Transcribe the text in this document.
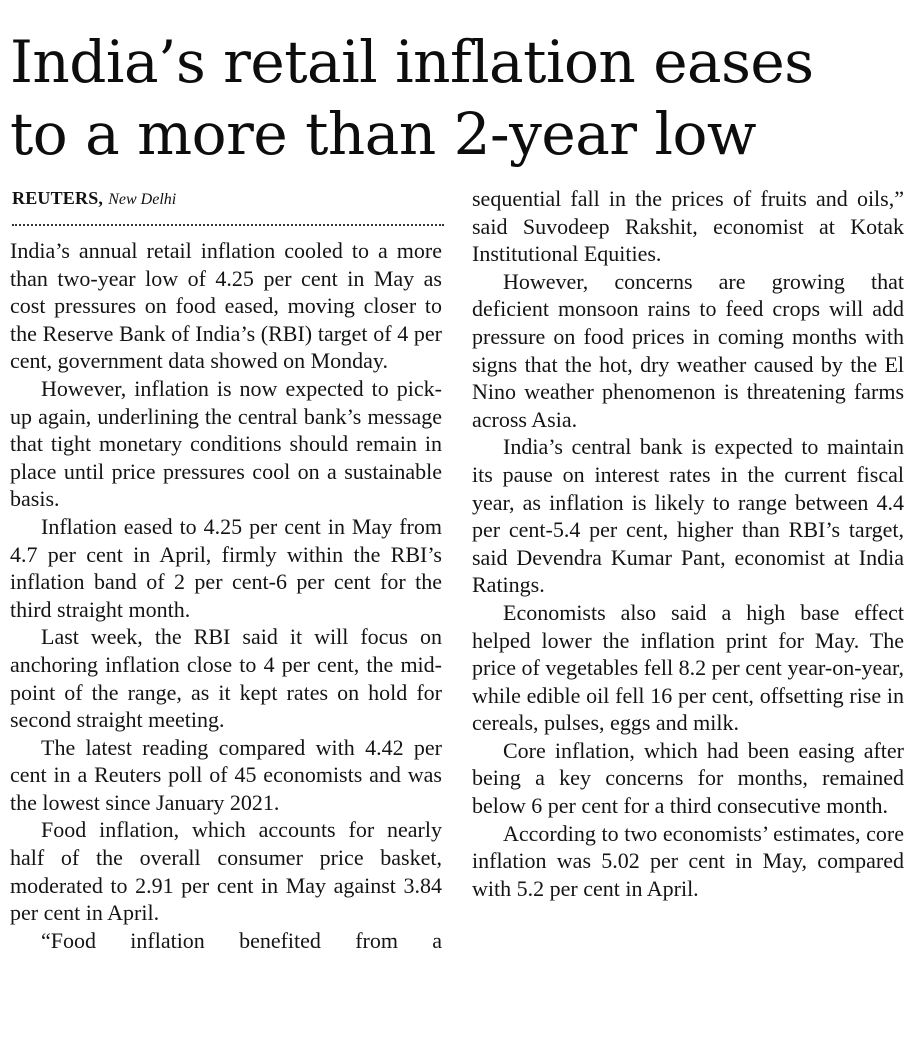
India’s retail inflation eases
to a more than 2-year low
REUTERS, New Delhi

India’s annual retail inflation cooled to a more than two-year low of 4.25 per cent in May as cost pressures on food eased, moving closer to the Reserve Bank of India’s (RBI) target of 4 per cent, government data showed on Monday.

However, inflation is now expected to pick-up again, underlining the central bank’s message that tight monetary conditions should remain in place until price pressures cool on a sustainable basis.

Inflation eased to 4.25 per cent in May from 4.7 per cent in April, firmly within the RBI’s inflation band of 2 per cent-6 per cent for the third straight month.

Last week, the RBI said it will focus on anchoring inflation close to 4 per cent, the mid-point of the range, as it kept rates on hold for second straight meeting.

The latest reading compared with 4.42 per cent in a Reuters poll of 45 economists and was the lowest since January 2021.

Food inflation, which accounts for nearly half of the overall consumer price basket, moderated to 2.91 per cent in May against 3.84 per cent in April.

“Food inflation benefited from a

sequential fall in the prices of fruits and oils,” said Suvodeep Rakshit, economist at Kotak Institutional Equities.

However, concerns are growing that deficient monsoon rains to feed crops will add pressure on food prices in coming months with signs that the hot, dry weather caused by the El Nino weather phenomenon is threatening farms across Asia.

India’s central bank is expected to maintain its pause on interest rates in the current fiscal year, as inflation is likely to range between 4.4 per cent-5.4 per cent, higher than RBI’s target, said Devendra Kumar Pant, economist at India Ratings.

Economists also said a high base effect helped lower the inflation print for May. The price of vegetables fell 8.2 per cent year-on-year, while edible oil fell 16 per cent, offsetting rise in cereals, pulses, eggs and milk.

Core inflation, which had been easing after being a key concerns for months, remained below 6 per cent for a third consecutive month.

According to two economists’ estimates, core inflation was 5.02 per cent in May, compared with 5.2 per cent in April.
